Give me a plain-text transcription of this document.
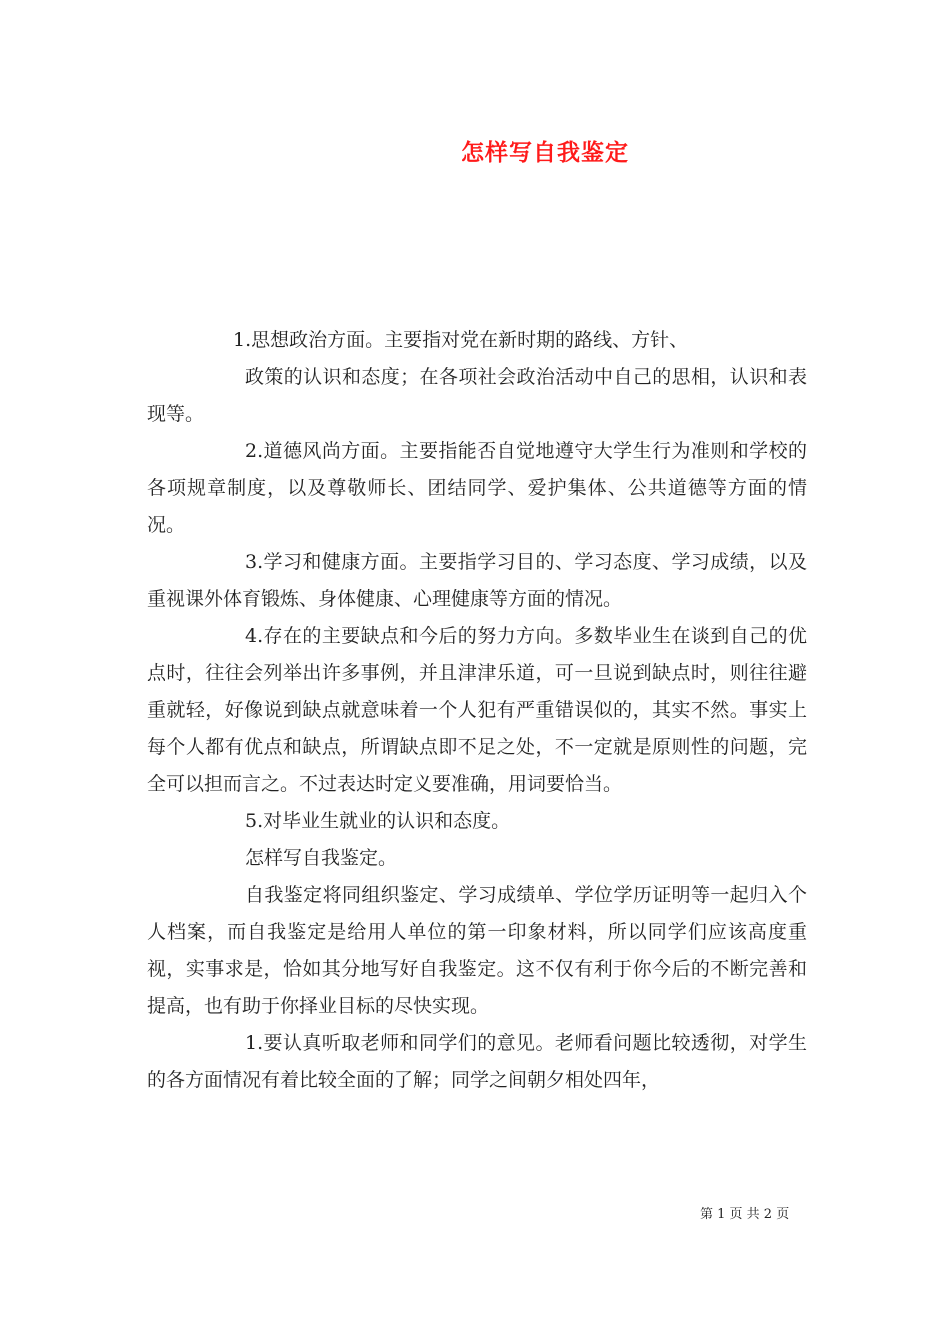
怎样写自我鉴定

1.思想政治方面。主要指对党在新时期的路线、方针、

政策的认识和态度；在各项社会政治活动中自己的思相，认识和表现等。

2.道德风尚方面。主要指能否自觉地遵守大学生行为准则和学校的各项规章制度，以及尊敬师长、团结同学、爱护集体、公共道德等方面的情况。

3.学习和健康方面。主要指学习目的、学习态度、学习成绩，以及重视课外体育锻炼、身体健康、心理健康等方面的情况。

4.存在的主要缺点和今后的努力方向。多数毕业生在谈到自己的优点时，往往会列举出许多事例，并且津津乐道，可一旦说到缺点时，则往往避重就轻，好像说到缺点就意味着一个人犯有严重错误似的，其实不然。事实上每个人都有优点和缺点，所谓缺点即不足之处，不一定就是原则性的问题，完全可以担而言之。不过表达时定义要准确，用词要恰当。

5.对毕业生就业的认识和态度。

怎样写自我鉴定。

自我鉴定将同组织鉴定、学习成绩单、学位学历证明等一起归入个人档案，而自我鉴定是给用人单位的第一印象材料，所以同学们应该高度重视，实事求是，恰如其分地写好自我鉴定。这不仅有利于你今后的不断完善和提高，也有助于你择业目标的尽快实现。

1.要认真听取老师和同学们的意见。老师看问题比较透彻，对学生的各方面情况有着比较全面的了解；同学之间朝夕相处四年，

第 1 页 共 2 页
